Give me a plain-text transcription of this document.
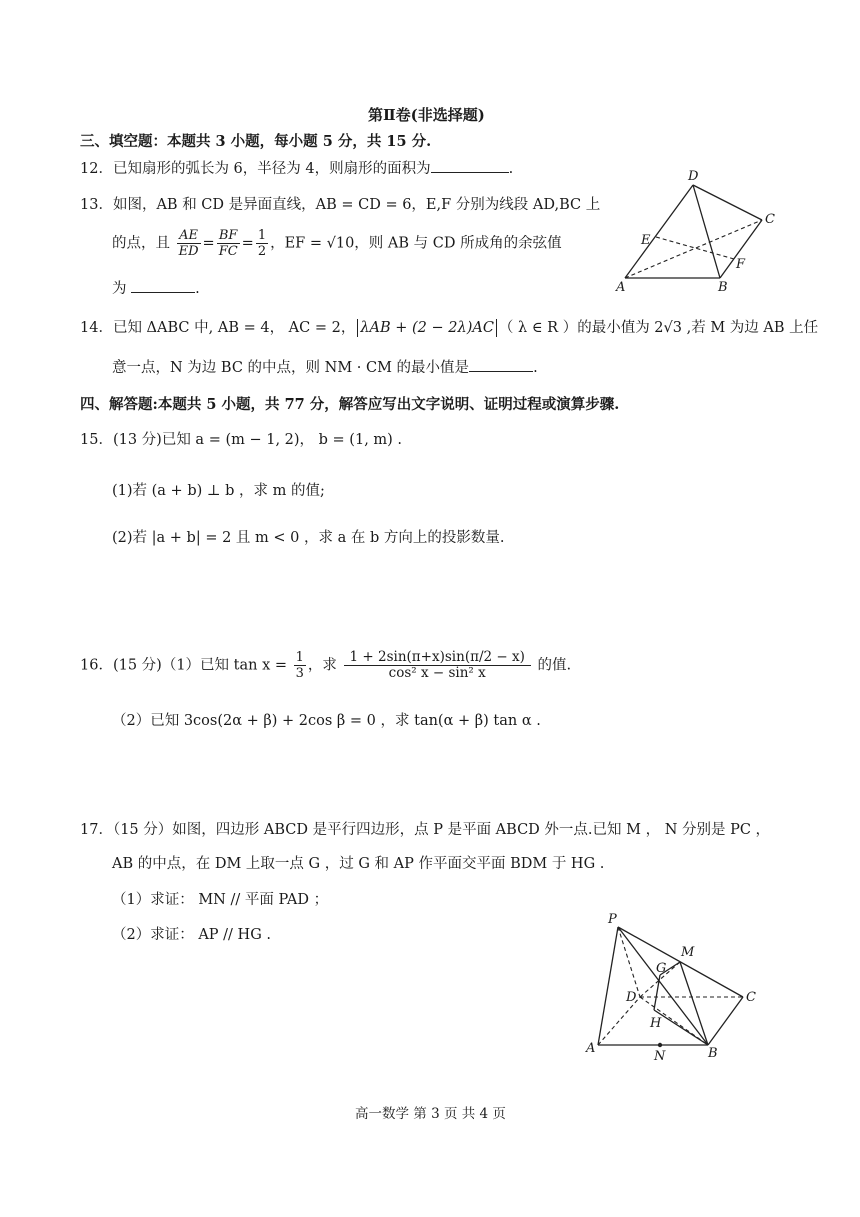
第Ⅱ卷(非选择题)
三、填空题：本题共 3 小题，每小题 5 分，共 15 分.
12．已知扇形的弧长为 6，半径为 4，则扇形的面积为	.
13．如图，AB 和 CD 是异面直线，AB = CD = 6，E,F 分别为线段 AD,BC 上
的点，且 $\frac{AE}{ED} = \frac{BF}{FC} = \frac{1}{2}$ ，EF = √10，则 AB 与 CD 所成角的余弦值
为	.
D
C
E
F
A	B
14．已知 ΔABC 中, AB = 4， AC = 2， λAB + (2 − 2λ)AC （ λ ∈ R ）的最小值为 2√3 ,若 M 为边 AB 上任
意一点，N 为边 BC 的中点，则 NM · CM 的最小值是	.
四、解答题:本题共 5 小题，共 77 分，解答应写出文字说明、证明过程或演算步骤.
15．(13 分)已知 a = (m − 1, 2)， b = (1, m) .
(1)若 (a + b) ⊥ b ，求 m 的值;
(2)若 |a + b| = 2 且 m < 0 ，求 a 在 b 方向上的投影数量.
16．(15 分)（1）已知 $\tan x = \frac{1}{3}$ ，求 $\frac{1 + 2\sin(\pi+x)\sin(\pi/2 - x)}{\text{cos² x − sin² x}}$ 的值.
（2）已知 3cos(2α + β) + 2cos β = 0 ，求 tan(α + β) tan α .
17．（15 分）如图，四边形 ABCD 是平行四边形，点 P 是平面 ABCD 外一点.已知 M ， N 分别是 PC ，
AB 的中点，在 DM 上取一点 G ，过 G 和 AP 作平面交平面 BDM 于 HG .
（1）求证： MN // 平面 PAD ；
（2）求证： AP // HG .
P
M
G
D	C
H
A
N	B
高一数学 第 3 页 共 4 页
